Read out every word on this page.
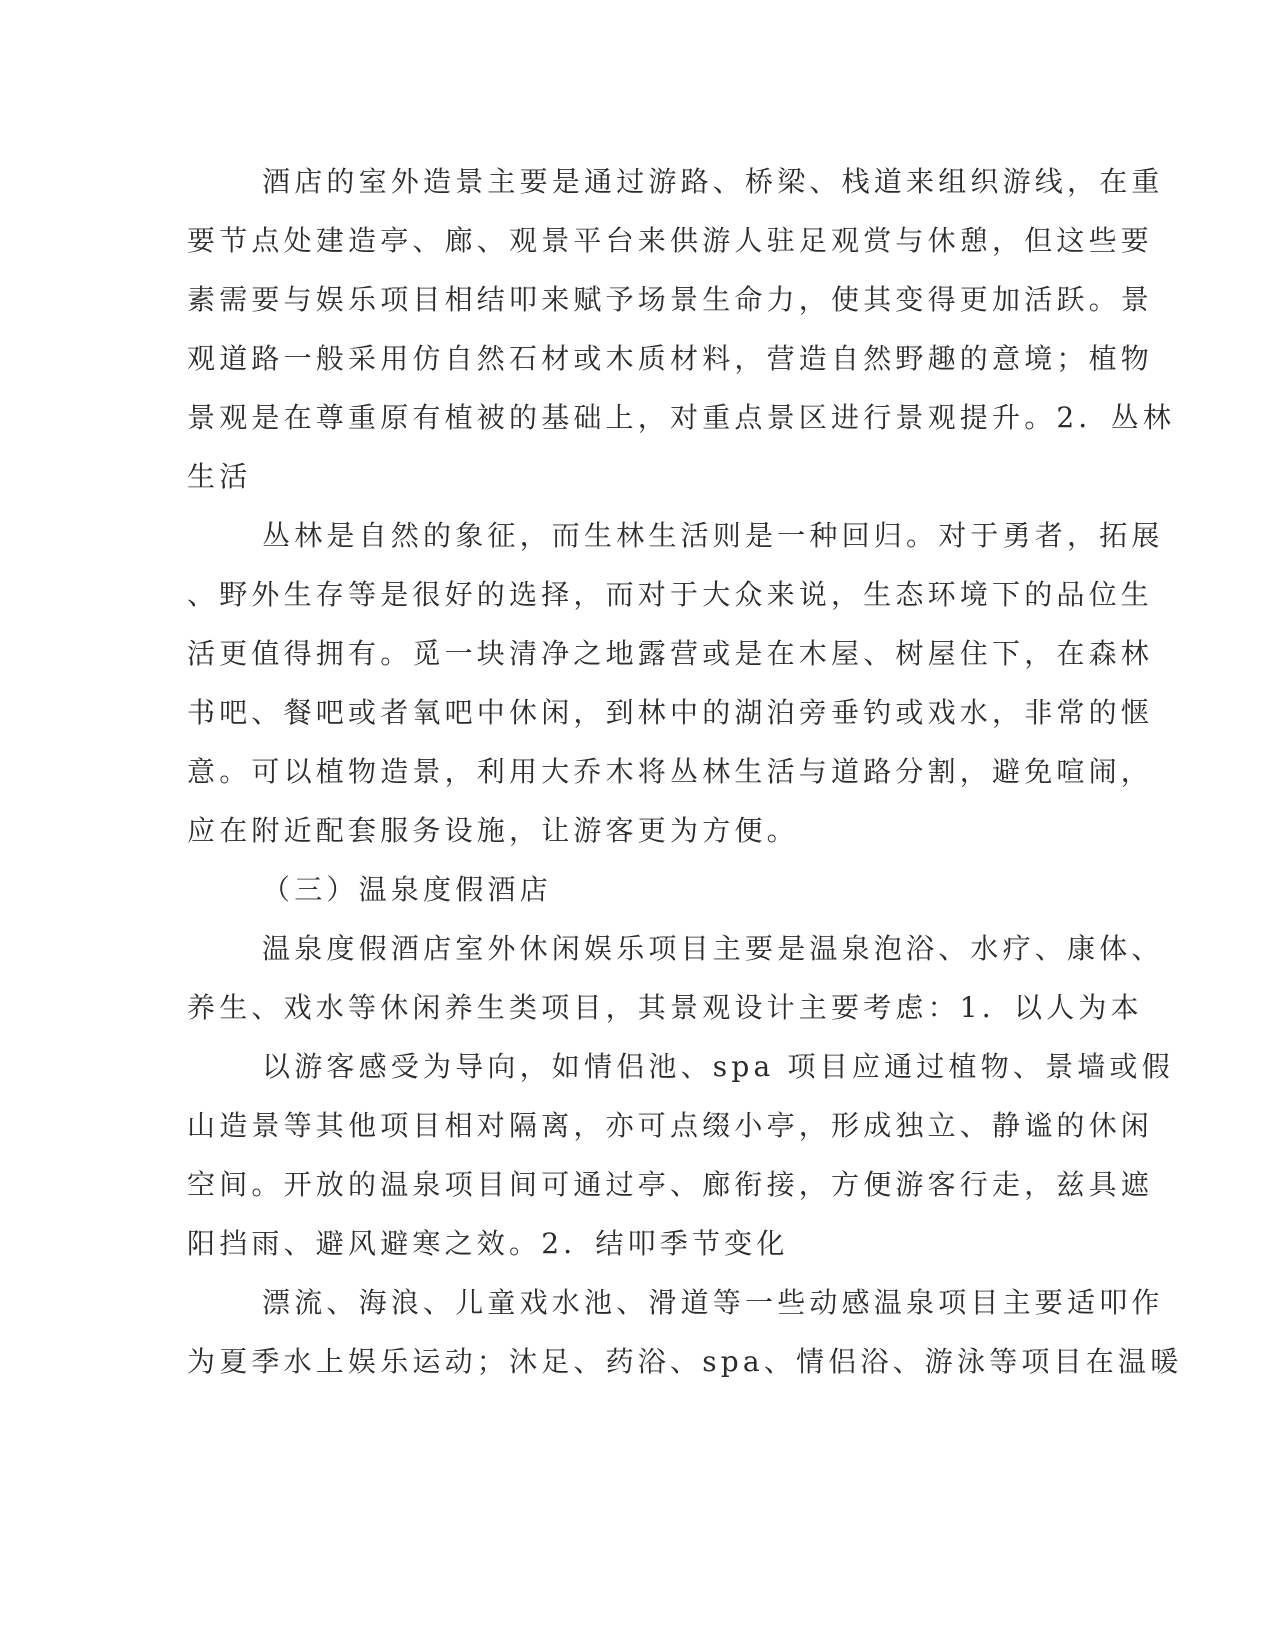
酒店的室外造景主要是通过游路、桥梁、栈道来组织游线，在重
要节点处建造亭、廊、观景平台来供游人驻足观赏与休憩，但这些要
素需要与娱乐项目相结叩来赋予场景生命力，使其变得更加活跃。景
观道路一般采用仿自然石材或木质材料，营造自然野趣的意境；植物
景观是在尊重原有植被的基础上，对重点景区进行景观提升。2．丛林
生活
丛林是自然的象征，而生林生活则是一种回归。对于勇者，拓展
、野外生存等是很好的选择，而对于大众来说，生态环境下的品位生
活更值得拥有。觅一块清净之地露营或是在木屋、树屋住下，在森林
书吧、餐吧或者氧吧中休闲，到林中的湖泊旁垂钓或戏水，非常的惬
意。可以植物造景，利用大乔木将丛林生活与道路分割，避免喧闹，
应在附近配套服务设施，让游客更为方便。
（三）温泉度假酒店
温泉度假酒店室外休闲娱乐项目主要是温泉泡浴、水疗、康体、
养生、戏水等休闲养生类项目，其景观设计主要考虑：1．以人为本
以游客感受为导向，如情侣池、spa 项目应通过植物、景墙或假
山造景等其他项目相对隔离，亦可点缀小亭，形成独立、静谧的休闲
空间。开放的温泉项目间可通过亭、廊衔接，方便游客行走，兹具遮
阳挡雨、避风避寒之效。2．结叩季节变化
漂流、海浪、儿童戏水池、滑道等一些动感温泉项目主要适叩作
为夏季水上娱乐运动；沐足、药浴、spa、情侣浴、游泳等项目在温暖
